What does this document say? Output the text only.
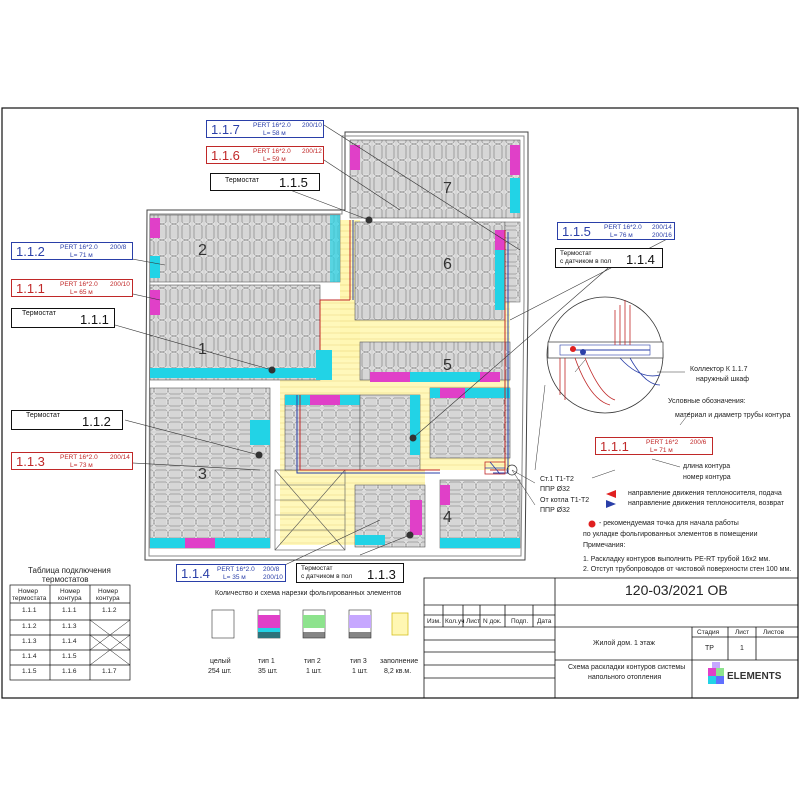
1.1.7 PERT 16*2.0 200/10
L= 58 м
1.1.6 PERT 16*2.0 200/12
L= 59 м
1.1.2 PERT 16*2.0 200/8
L= 71 м
1.1.1 PERT 16*2.0 200/10
L= 65 м
1.1.3 PERT 16*2.0 200/14
L= 73 м
1.1.4 PERT 16*2.0 200/8
L= 35 м	200/10
1.1.5 PERT 16*2.0 200/14
L= 76 м	200/16
Термостат 1.1.5
Термостат 1.1.1
Термостат 1.1.2
Термостат
с датчиком в пол 1.1.4
Термостат
с датчиком в пол 1.1.3
1
2
3
4
5
6
7
Коллектор К 1.1.7
наружный шкаф
Ст.1 Т1-Т2
ППР Ø32
От котла Т1-Т2
ППР Ø32
Условные обозначения:
материал и диаметр трубы контура
1.1.1	PERT 16*2 200/6
L= 71 м
длина контура
номер контура
направление движения теплоносителя, подача
направление движения теплоносителя, возврат
- рекомендуемая точка для начала работы
по укладке фольгированных элементов в помещении
Примечания:
1. Раскладку контуров выполнить PE-RT трубой 16х2 мм.
2. Отступ трубопроводов от чистовой поверхности стен 100 мм.
Таблица подключения
термостатов
Номер
термостата
Номер
контура
Номер
контура
1.1.1	1.1.1	1.1.2
1.1.2	1.1.3
1.1.3	1.1.4
1.1.4	1.1.5
1.1.5	1.1.6	1.1.7
Количество и схема нарезки фольгированных элементов
целый
254 шт.
тип 1
35 шт.
тип 2
1 шт.
тип 3
1 шт.
заполнение
8,2 кв.м.
120-03/2021 ОВ
Изм. Кол.уч Лист N док. Подп. Дата
Жилой дом. 1 этаж
Стадия Лист Листов
ТР	1
Схема раскладки контуров системы
напольного отопления	ELEMENTS
